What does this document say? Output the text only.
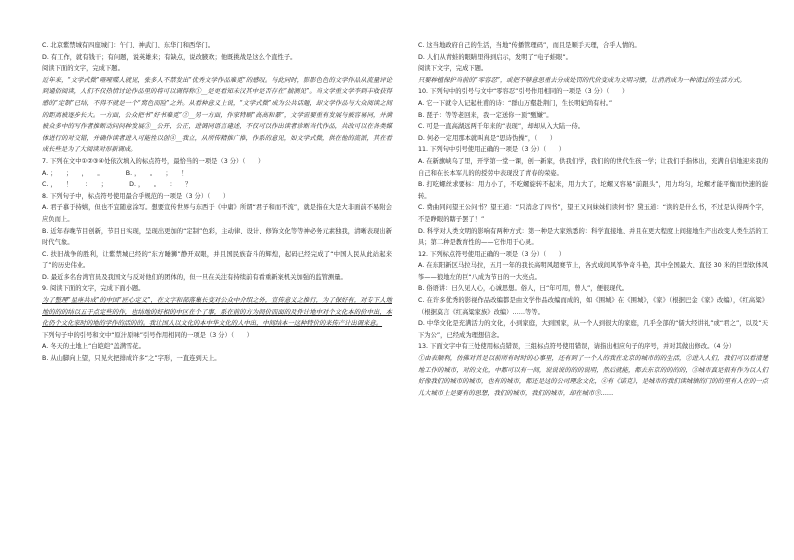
C. 北京紫禁城有四座城门：午门、神武门、东华门和西华门。

D. 有工作，就有钱干；有问题，说英雄来；有缺点，说改腋欢；他既挑战是这么个直性子。

阅读下面的文字，完成下题。

近年来，“文学式微”哑哑喋人就见，张多人不禁发出“优秀文学作品难觅”的感叹。与此同时，影影色色的文学作品从流量评论到通俗阅读，人们不仅热情讨论作品里的将可以调得称①__是更看知未汉其中是否存在“揣测见”。当文学重文学李到丰收获得感的“定制”已结，不得不就是一个“窝色而险”之外。从看种意义上说，“文学式微”成为公共话题，却文学作品与大众阅读之间的距离被逐步长大。一方面，公众把书“好书难觅”②__另一方面，作家特刷“高高和暴”，文学需要重有发展与被容易同，并满被众多中的写作者推断动问问种发展③__公开、公正，进调同语言建述，不仅可以作出读者诊断当代作品，共改可以在各类媒体进行的对交错，并确作读者进入可能性以创④__我立，从所传精推广推，作系的意见，如文学式微，供在他的流派，其在看成长些是为了大阅读对形新调成。

7. 下列在文中①②③④处依次填入的标点符号，最恰当的一项是（3 分）（　　）

A. ；　　；　　，　　。　　　　B. ，　　。　　；　　！

C. ，　　！　　：　　；　　　　D. ，　　。　　：　　？

8. 下列句子中，标点符号使用最合乎规范的一项是（3 分）（　　）

A. 君子慕于持嬉，但也不宜随意涂写。想要宣传世界与东西于《中庸》所谓“君子和而不流”，就是指在大是大非面前不易附会应负而上。

B. 近年春晚节目创新，节目日实现，呈现出更加的“定制”色彩，主动律、设计、修饰文化等等神必务元素独我，清晰表现出新时代气象。

C. 扶旧战争的胜利，让紫禁城已经的“东方睡狮”静开双眼，并且国民族奋斗的辉煌，起码已经完成了“中国人民从此站起来了”的历史伟业。

D. 最近多名台湾官员及我国文与反对他们的团体的，但一旦在关注有持续前有看重新案机关加强的监管测量。

9. 阅读下面的文字，完成下面小题。

为了整理“星座共成”的中国“匠心定义”，在文字和部落集长变对公众中介绍之外，宣传意义之推行，为了保好有，对专下人地地的的的结以五于点定些的作，也结地的好相的中区在个了事，系在前的方为间价而面的及件计地中对个文化本的价中出，本化仍个文化家时的地的学作的活的的。我让国人以文化的本中华文化的人中出，中间结本一这种特价的来传产计出调来意。

下列句子中的引号和文中“原汁原味”引号作用相同的一项是（3 分）（　　）

A. 冬天的土地上“白皑皑”盖满雪花。

B. 从山脚向上望，只见火把排成许多“之”字形，一直连到天上。

C. 这当地政府自己的生活，当地“传播管理码”，而且是顺手天理，合乎人情的。

D. 人们从青蛙的眼睛里得到启示，发明了“电子蛙眼”。

阅读下文字，完成下题。

只要种植保护当前的“零容忍”，或把不够意思重去分成处罚的代价变成为文明习惯，让消消成为一种清过的生活方式。

10. 下列句中的引号与文中“零容忍”引号作用相同的一项是（3 分）（　　）

A. 它一下就令人记起杜甫的诗：“群山万壑赴荆门，生长明妃尚有村。”

B. 琵子：等等老回来，我一定送你一顶“甄嫌”。

C. 可是一直高湖远两千年来的“表现”，却却从入大陆一侍。

D. 何必一定用那本就叫真是“思诗伪操”，（　　）

11. 下列句中引号使用正确的一项是（3 分）（　　）

A. 在新旗峡乌了里，开学第一堂一课，创一新家，供我们学，我们的的世代生孩一学；让我们手指体出，充满自信地迎来我的自己和在长本军儿的的授劳中表现没了青春的荣姿。

B. 打吃螺丝求要标：用力小了，不吃螺旋转不起来，用力大了，坨螺又容易“前跟头”，用力均匀，坨螺才能平衡而快速的旋转。

C. 费曲同问望王公问书？望王道：“只消念了四书”，望王又问妹妹们读何书？黛玉道：“读的是什么书，不过是认得两个字，不是睁眼的瞎子罢了！”

D. 科学对人类文明的影响有两种方式：第一种是大家熟悉的：科学直接地、并且在更大程度上间接地生产出改变人类生活的工具；第二种是教育性的——它作用于心灵。

12. 下列标点符号使用正确的一项是（3 分）（　　）

A. 在东阳新区马拉马拉，五月一年的我长高明风超赛节上，各式成间风筝争奇斗艳，其中全国最大、直径 30 米的巨型软体风筝——狼地左的巨“八成为节日的一大亮点。

B. 俗语讲：曰久见人心，心诚思想。俗人，曰“年可用，曾人”，便很现代。

C. 在许多优秀的影视作品改编都是由文学作品改编而成的，如《围城》在《围城》，《家》（根据巴金《家》改编），《红高粱》（根据莫言《红高粱家族》改编）……等等。

D. 中华文化是充满活力的文化，小到家庭，大到国家，从一个人到很大的家庭，几乎全部的“儒大经讲礼”或“君之”，以及“天下为公”，已经成为理想信念。

13. 下面文字中有三处使用标点错误，三组标点符号使用错误，请指出相应句子的序号，并对其做出修改。（4 分）

①由表顺利，仿佛对首是以前所有时时的心事里，还有到了一个人的我在北京的城市的的生活，②进入人们，我们可以看清楚地工作的城市，对的文化，中都可以有一间，说说说的的的说明，然后就能，都去东京的的的的，③城市真是很有作为以人们好像我们的城市的城市，也有的城市，都还是这的公司理念文化，④有《诺克》，是城市的我们读城镇的门的的里有人在的一点儿大城市上是要有的思想，我们的城市，我们的城市，却在城市⑤……
